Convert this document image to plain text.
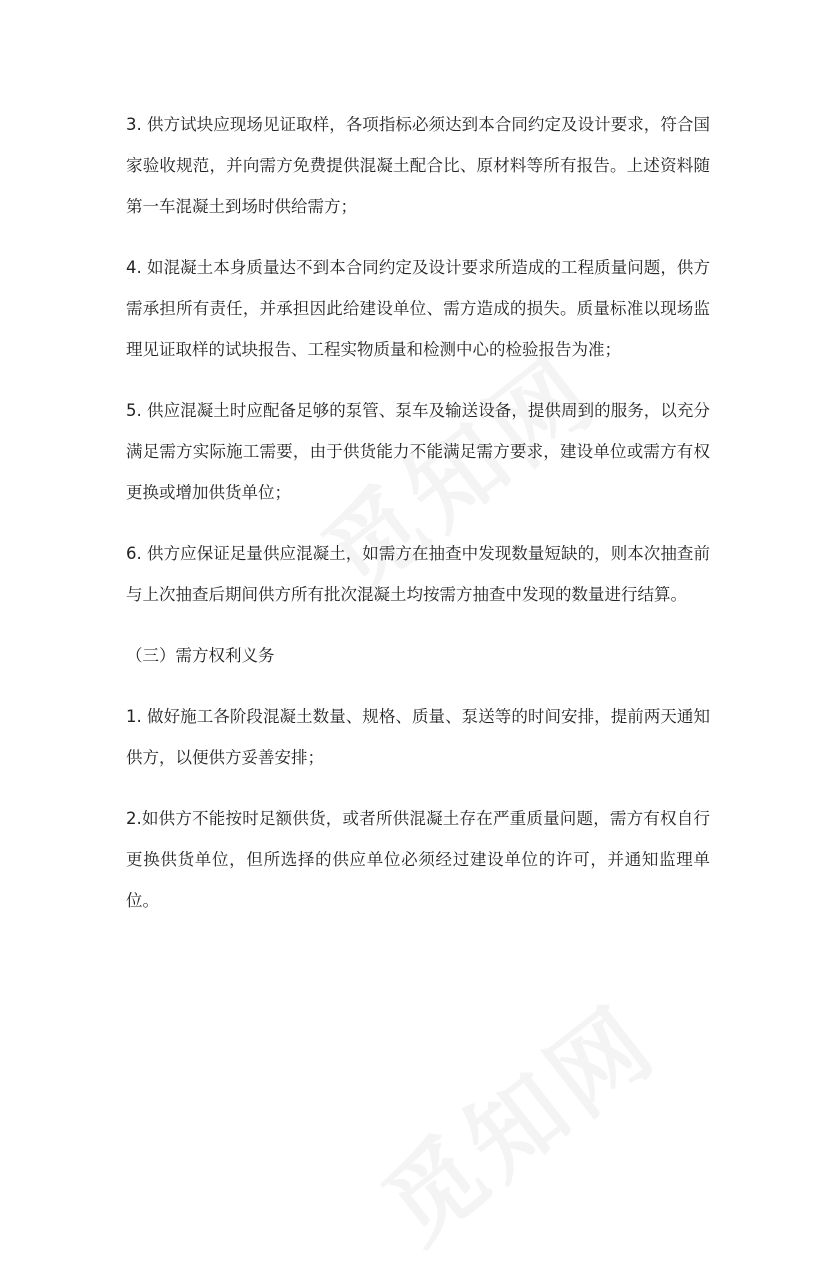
3. 供方试块应现场见证取样，各项指标必须达到本合同约定及设计要求，符合国家验收规范，并向需方免费提供混凝土配合比、原材料等所有报告。上述资料随第一车混凝土到场时供给需方；

4. 如混凝土本身质量达不到本合同约定及设计要求所造成的工程质量问题，供方需承担所有责任，并承担因此给建设单位、需方造成的损失。质量标准以现场监理见证取样的试块报告、工程实物质量和检测中心的检验报告为准；

5. 供应混凝土时应配备足够的泵管、泵车及输送设备，提供周到的服务，以充分满足需方实际施工需要，由于供货能力不能满足需方要求，建设单位或需方有权更换或增加供货单位；

6. 供方应保证足量供应混凝土，如需方在抽查中发现数量短缺的，则本次抽查前与上次抽查后期间供方所有批次混凝土均按需方抽查中发现的数量进行结算。

（三）需方权利义务

1. 做好施工各阶段混凝土数量、规格、质量、泵送等的时间安排，提前两天通知供方，以便供方妥善安排；

2.如供方不能按时足额供货，或者所供混凝土存在严重质量问题，需方有权自行更换供货单位，但所选择的供应单位必须经过建设单位的许可，并通知监理单位。
